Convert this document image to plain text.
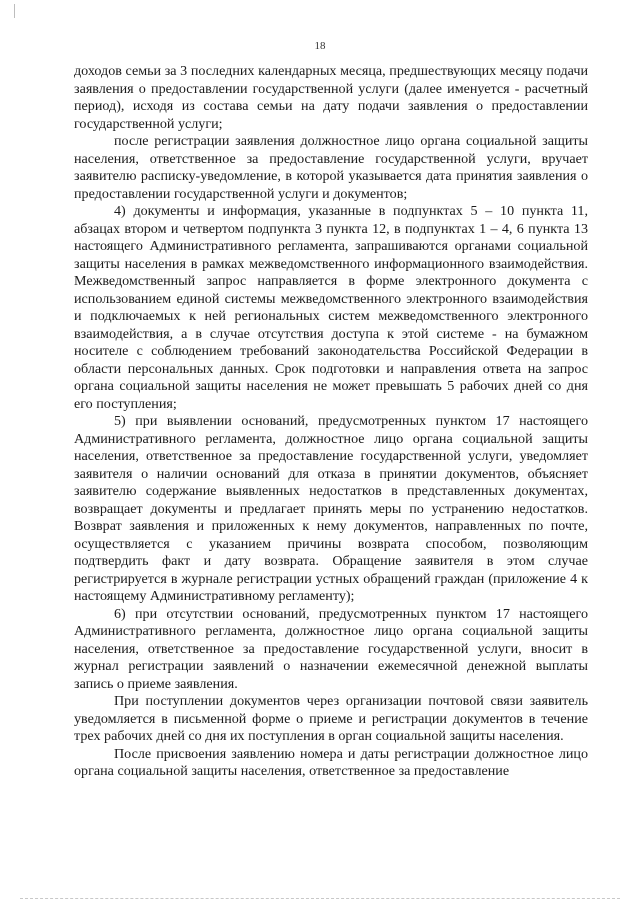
18

доходов семьи за 3 последних календарных месяца, предшествующих месяцу подачи заявления о предоставлении государственной услуги (далее именуется - расчетный период), исходя из состава семьи на дату подачи заявления о предоставлении государственной услуги;

после регистрации заявления должностное лицо органа социальной защиты населения, ответственное за предоставление государственной услуги, вручает заявителю расписку-уведомление, в которой указывается дата принятия заявления о предоставлении государственной услуги и документов;

4) документы и информация, указанные в подпунктах 5 – 10 пункта 11, абзацах втором и четвертом подпункта 3 пункта 12, в подпунктах 1 – 4, 6 пункта 13 настоящего Административного регламента, запрашиваются органами социальной защиты населения в рамках межведомственного информационного взаимодействия. Межведомственный запрос направляется в форме электронного документа с использованием единой системы межведомственного электронного взаимодействия и подключаемых к ней региональных систем межведомственного электронного взаимодействия, а в случае отсутствия доступа к этой системе - на бумажном носителе с соблюдением требований законодательства Российской Федерации в области персональных данных. Срок подготовки и направления ответа на запрос органа социальной защиты населения не может превышать 5 рабочих дней со дня его поступления;

5) при выявлении оснований, предусмотренных пунктом 17 настоящего Административного регламента, должностное лицо органа социальной защиты населения, ответственное за предоставление государственной услуги, уведомляет заявителя о наличии оснований для отказа в принятии документов, объясняет заявителю содержание выявленных недостатков в представленных документах, возвращает документы и предлагает принять меры по устранению недостатков. Возврат заявления и приложенных к нему документов, направленных по почте, осуществляется с указанием причины возврата способом, позволяющим подтвердить факт и дату возврата. Обращение заявителя в этом случае регистрируется в журнале регистрации устных обращений граждан (приложение 4 к настоящему Административному регламенту);

6) при отсутствии оснований, предусмотренных пунктом 17 настоящего Административного регламента, должностное лицо органа социальной защиты населения, ответственное за предоставление государственной услуги, вносит в журнал регистрации заявлений о назначении ежемесячной денежной выплаты запись о приеме заявления.

При поступлении документов через организации почтовой связи заявитель уведомляется в письменной форме о приеме и регистрации документов в течение трех рабочих дней со дня их поступления в орган социальной защиты населения.

После присвоения заявлению номера и даты регистрации должностное лицо органа социальной защиты населения, ответственное за предоставление
